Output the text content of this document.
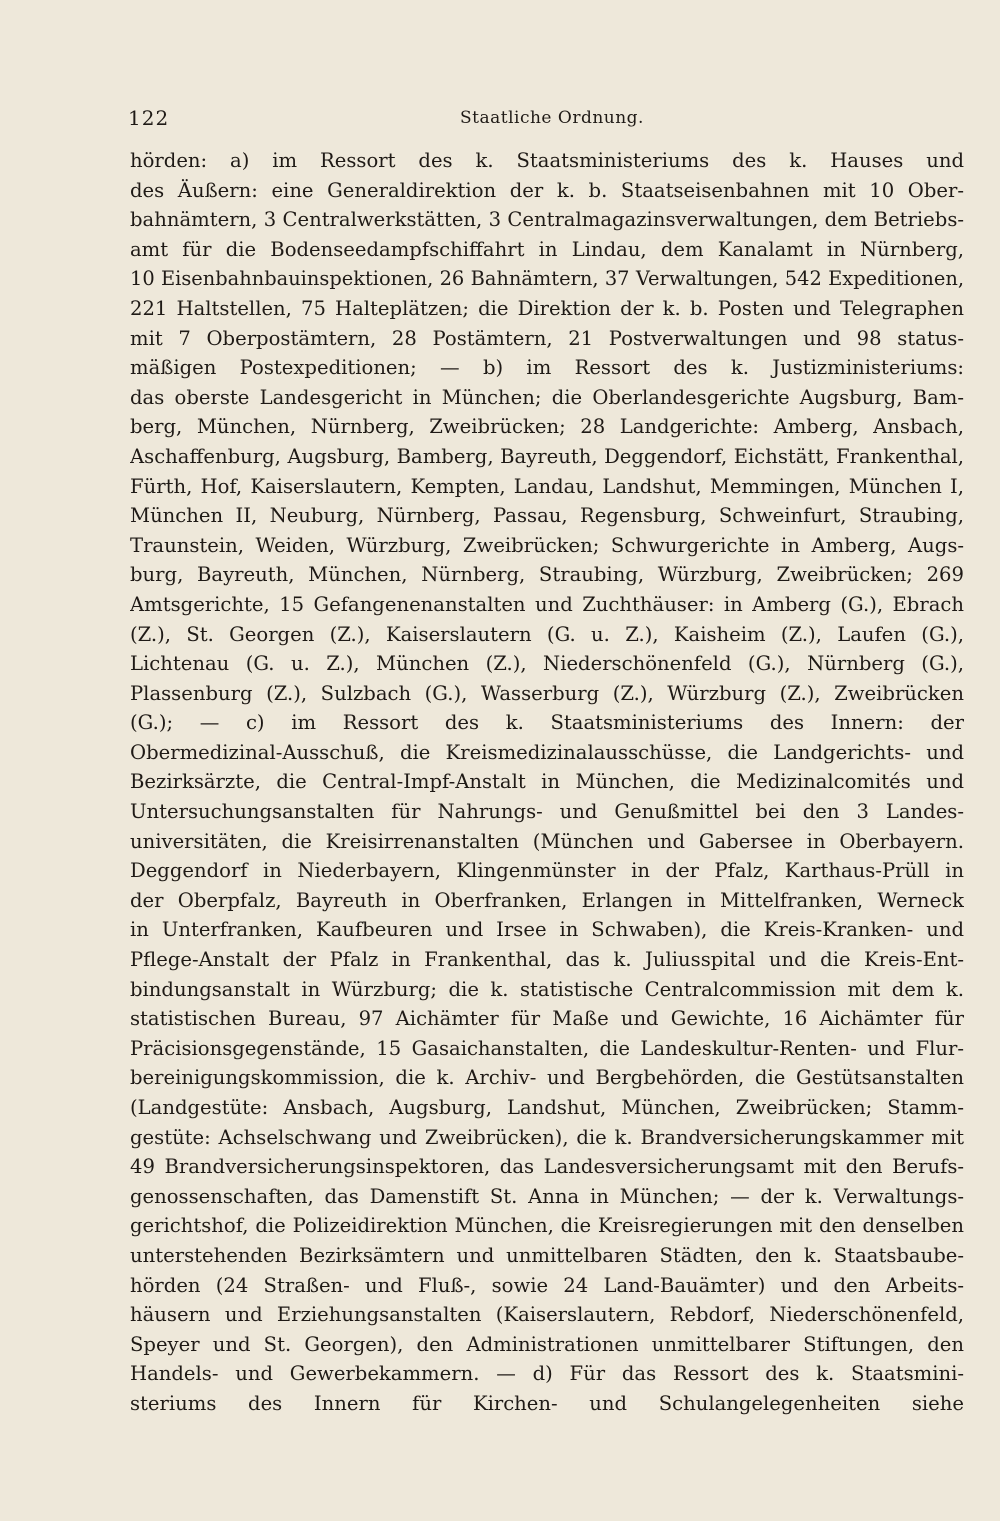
122	Staatliche Ordnung.
hörden: a) im Ressort des k. Staatsministeriums des k. Hauses und
des Äußern: eine Generaldirektion der k. b. Staatseisenbahnen mit 10 Ober-
bahnämtern, 3 Centralwerkstätten, 3 Centralmagazinsverwaltungen, dem Betriebs-
amt für die Bodenseedampfschiffahrt in Lindau, dem Kanalamt in Nürnberg,
10 Eisenbahnbauinspektionen, 26 Bahnämtern, 37 Verwaltungen, 542 Expeditionen,
221 Haltstellen, 75 Halteplätzen; die Direktion der k. b. Posten und Telegraphen
mit 7 Oberpostämtern, 28 Postämtern, 21 Postverwaltungen und 98 status-
mäßigen Postexpeditionen; — b) im Ressort des k. Justizministeriums:
das oberste Landesgericht in München; die Oberlandesgerichte Augsburg, Bam-
berg, München, Nürnberg, Zweibrücken; 28 Landgerichte: Amberg, Ansbach,
Aschaffenburg, Augsburg, Bamberg, Bayreuth, Deggendorf, Eichstätt, Frankenthal,
Fürth, Hof, Kaiserslautern, Kempten, Landau, Landshut, Memmingen, München I,
München II, Neuburg, Nürnberg, Passau, Regensburg, Schweinfurt, Straubing,
Traunstein, Weiden, Würzburg, Zweibrücken; Schwurgerichte in Amberg, Augs-
burg, Bayreuth, München, Nürnberg, Straubing, Würzburg, Zweibrücken; 269
Amtsgerichte, 15 Gefangenenanstalten und Zuchthäuser: in Amberg (G.), Ebrach
(Z.), St. Georgen (Z.), Kaiserslautern (G. u. Z.), Kaisheim (Z.), Laufen (G.),
Lichtenau (G. u. Z.), München (Z.), Niederschönenfeld (G.), Nürnberg (G.),
Plassenburg (Z.), Sulzbach (G.), Wasserburg (Z.), Würzburg (Z.), Zweibrücken
(G.); — c) im Ressort des k. Staatsministeriums des Innern: der
Obermedizinal-Ausschuß, die Kreismedizinalausschüsse, die Landgerichts- und
Bezirksärzte, die Central-Impf-Anstalt in München, die Medizinalcomités und
Untersuchungsanstalten für Nahrungs- und Genußmittel bei den 3 Landes-
universitäten, die Kreisirrenanstalten (München und Gabersee in Oberbayern.
Deggendorf in Niederbayern, Klingenmünster in der Pfalz, Karthaus-Prüll in
der Oberpfalz, Bayreuth in Oberfranken, Erlangen in Mittelfranken, Werneck
in Unterfranken, Kaufbeuren und Irsee in Schwaben), die Kreis-Kranken- und
Pflege-Anstalt der Pfalz in Frankenthal, das k. Juliusspital und die Kreis-Ent-
bindungsanstalt in Würzburg; die k. statistische Centralcommission mit dem k.
statistischen Bureau, 97 Aichämter für Maße und Gewichte, 16 Aichämter für
Präcisionsgegenstände, 15 Gasaichanstalten, die Landeskultur-Renten- und Flur-
bereinigungskommission, die k. Archiv- und Bergbehörden, die Gestütsanstalten
(Landgestüte: Ansbach, Augsburg, Landshut, München, Zweibrücken; Stamm-
gestüte: Achselschwang und Zweibrücken), die k. Brandversicherungskammer mit
49 Brandversicherungsinspektoren, das Landesversicherungsamt mit den Berufs-
genossenschaften, das Damenstift St. Anna in München; — der k. Verwaltungs-
gerichtshof, die Polizeidirektion München, die Kreisregierungen mit den denselben
unterstehenden Bezirksämtern und unmittelbaren Städten, den k. Staatsbaube-
hörden (24 Straßen- und Fluß-, sowie 24 Land-Bauämter) und den Arbeits-
häusern und Erziehungsanstalten (Kaiserslautern, Rebdorf, Niederschönenfeld,
Speyer und St. Georgen), den Administrationen unmittelbarer Stiftungen, den
Handels- und Gewerbekammern. — d) Für das Ressort des k. Staatsmini-
steriums des Innern für Kirchen- und Schulangelegenheiten siehe
